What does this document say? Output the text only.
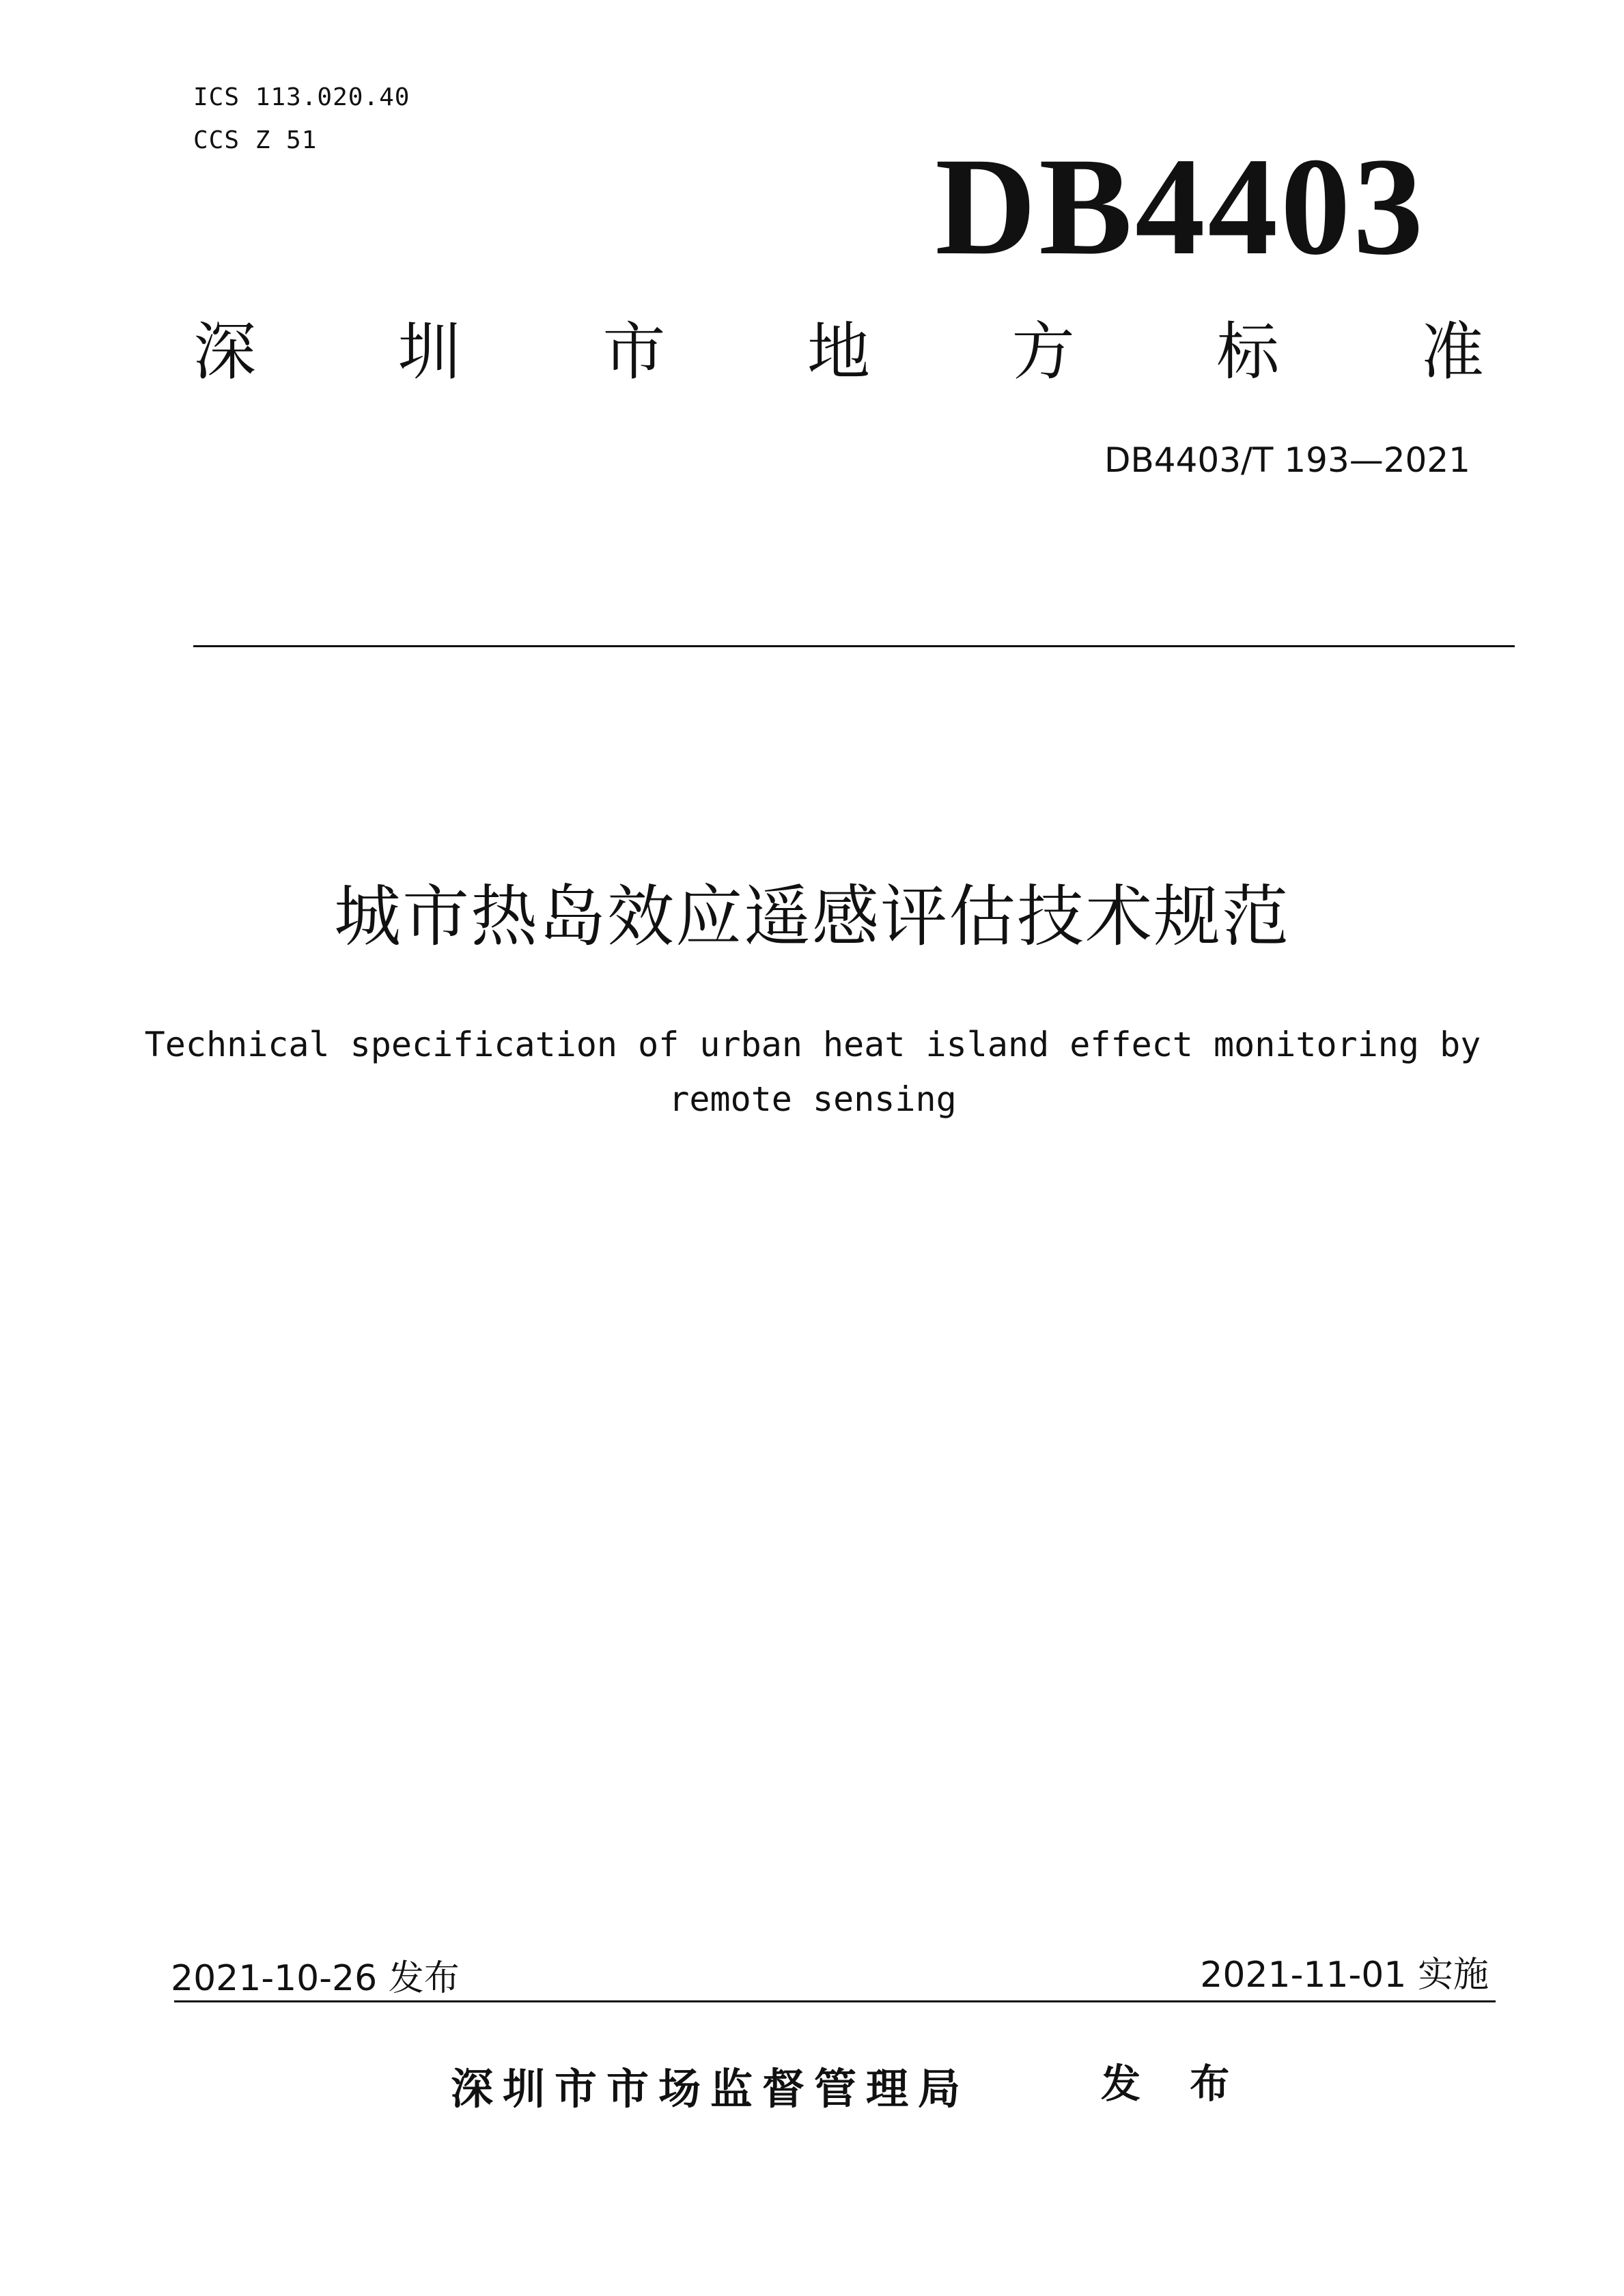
ICS 113.020.40
CCS Z 51	DB4403
深 圳 市 地 方 标 准
DB4403/T 193—2021
城市热岛效应遥感评估技术规范
Technical specification of urban heat island effect monitoring by remote sensing
2021-10-26 发布	2021-11-01 实施
深圳市市场监督管理局	发 布
